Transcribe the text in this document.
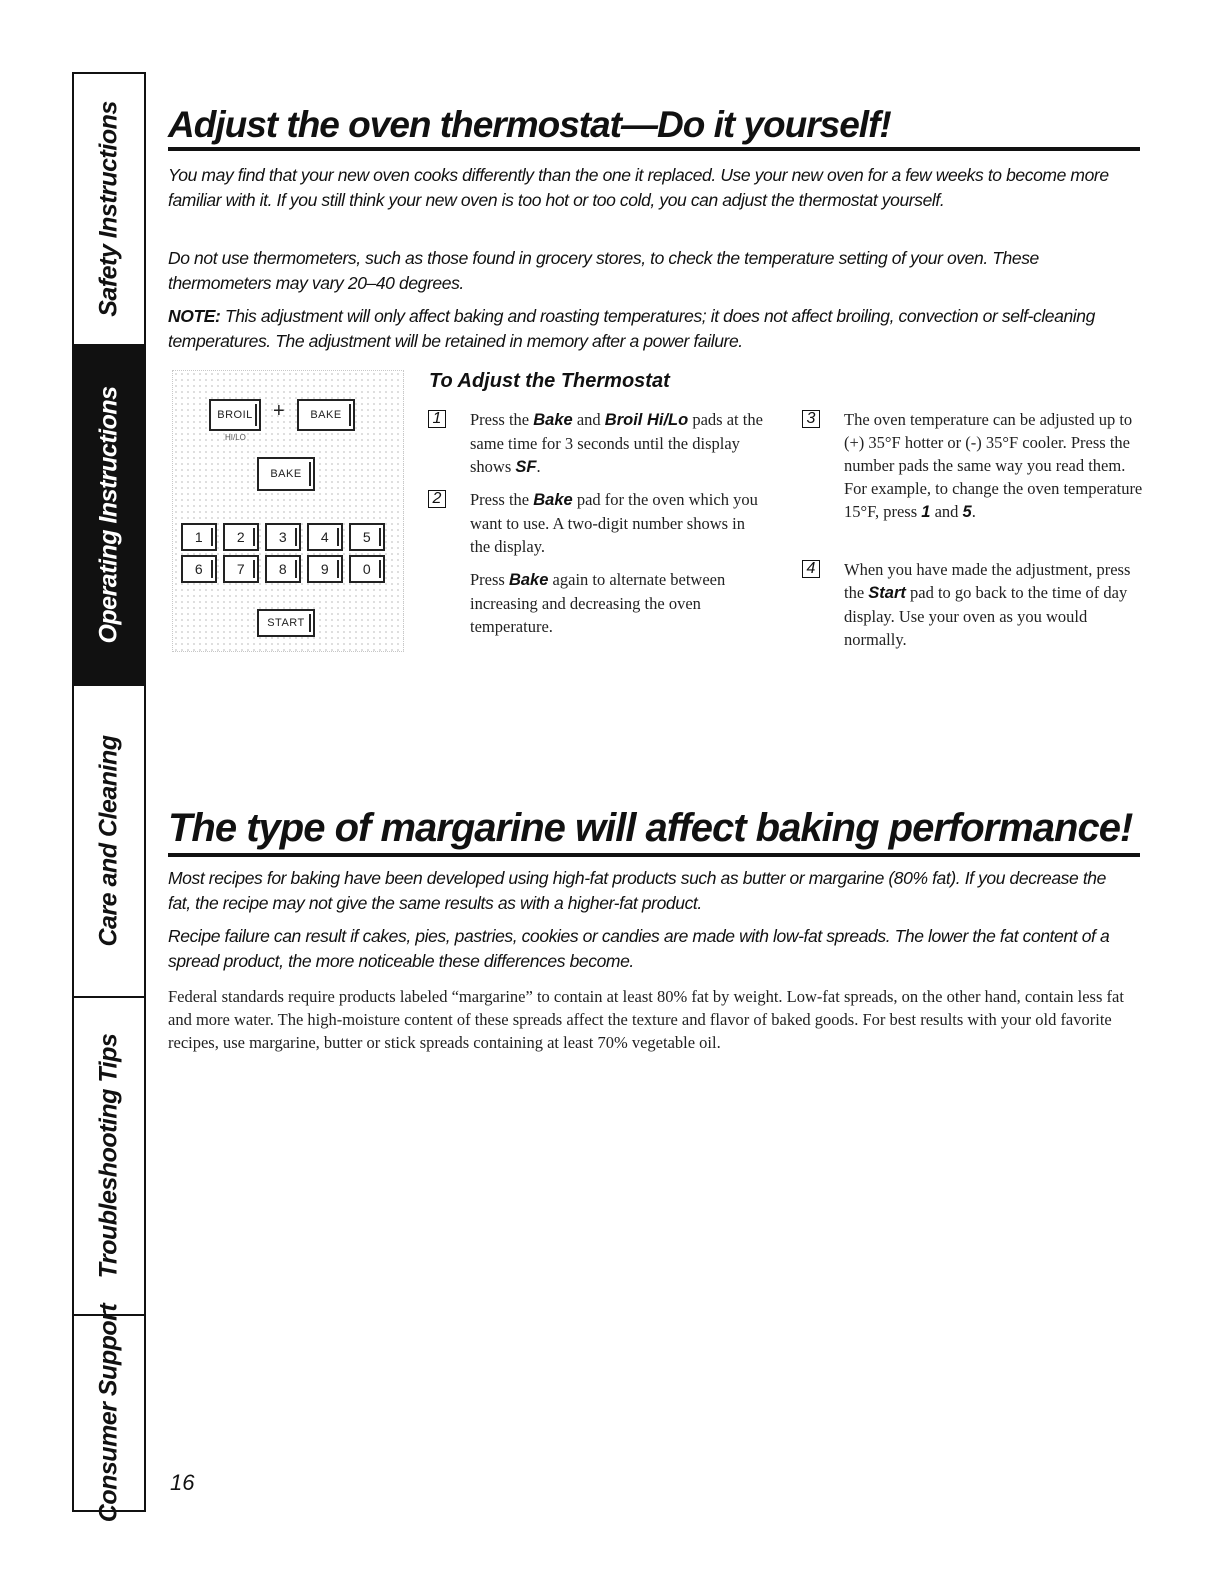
Safety Instructions
Operating Instructions
Care and Cleaning
Troubleshooting Tips
Consumer Support
Adjust the oven thermostat—Do it yourself!

You may find that your new oven cooks differently than the one it replaced. Use your new oven for a few weeks to become more familiar with it. If you still think your new oven is too hot or too cold, you can adjust the thermostat yourself.

Do not use thermometers, such as those found in grocery stores, to check the temperature setting of your oven. These thermometers may vary 20–40 degrees.

NOTE: This adjustment will only affect baking and roasting temperatures; it does not affect broiling, convection or self-cleaning temperatures. The adjustment will be retained in memory after a power failure.

BROIL
HI/LO
+ BAKE
BAKE
1	2	3	4	5
6	7	8	9	0
START
To Adjust the Thermostat
1 Press the Bake and Broil Hi/Lo pads at the same time for 3 seconds until the display shows SF.
2 Press the Bake pad for the oven which you want to use. A two-digit number shows in the display.
Press Bake again to alternate between increasing and decreasing the oven temperature.
3 The oven temperature can be adjusted up to (+) 35°F hotter or (-) 35°F cooler. Press the number pads the same way you read them. For example, to change the oven temperature 15°F, press 1 and 5.
4 When you have made the adjustment, press the Start pad to go back to the time of day display. Use your oven as you would normally.
The type of margarine will affect baking performance!

Most recipes for baking have been developed using high-fat products such as butter or margarine (80% fat). If you decrease the fat, the recipe may not give the same results as with a higher-fat product.

Recipe failure can result if cakes, pies, pastries, cookies or candies are made with low-fat spreads. The lower the fat content of a spread product, the more noticeable these differences become.

Federal standards require products labeled “margarine” to contain at least 80% fat by weight. Low-fat spreads, on the other hand, contain less fat and more water. The high-moisture content of these spreads affect the texture and flavor of baked goods. For best results with your old favorite recipes, use margarine, butter or stick spreads containing at least 70% vegetable oil.

16
